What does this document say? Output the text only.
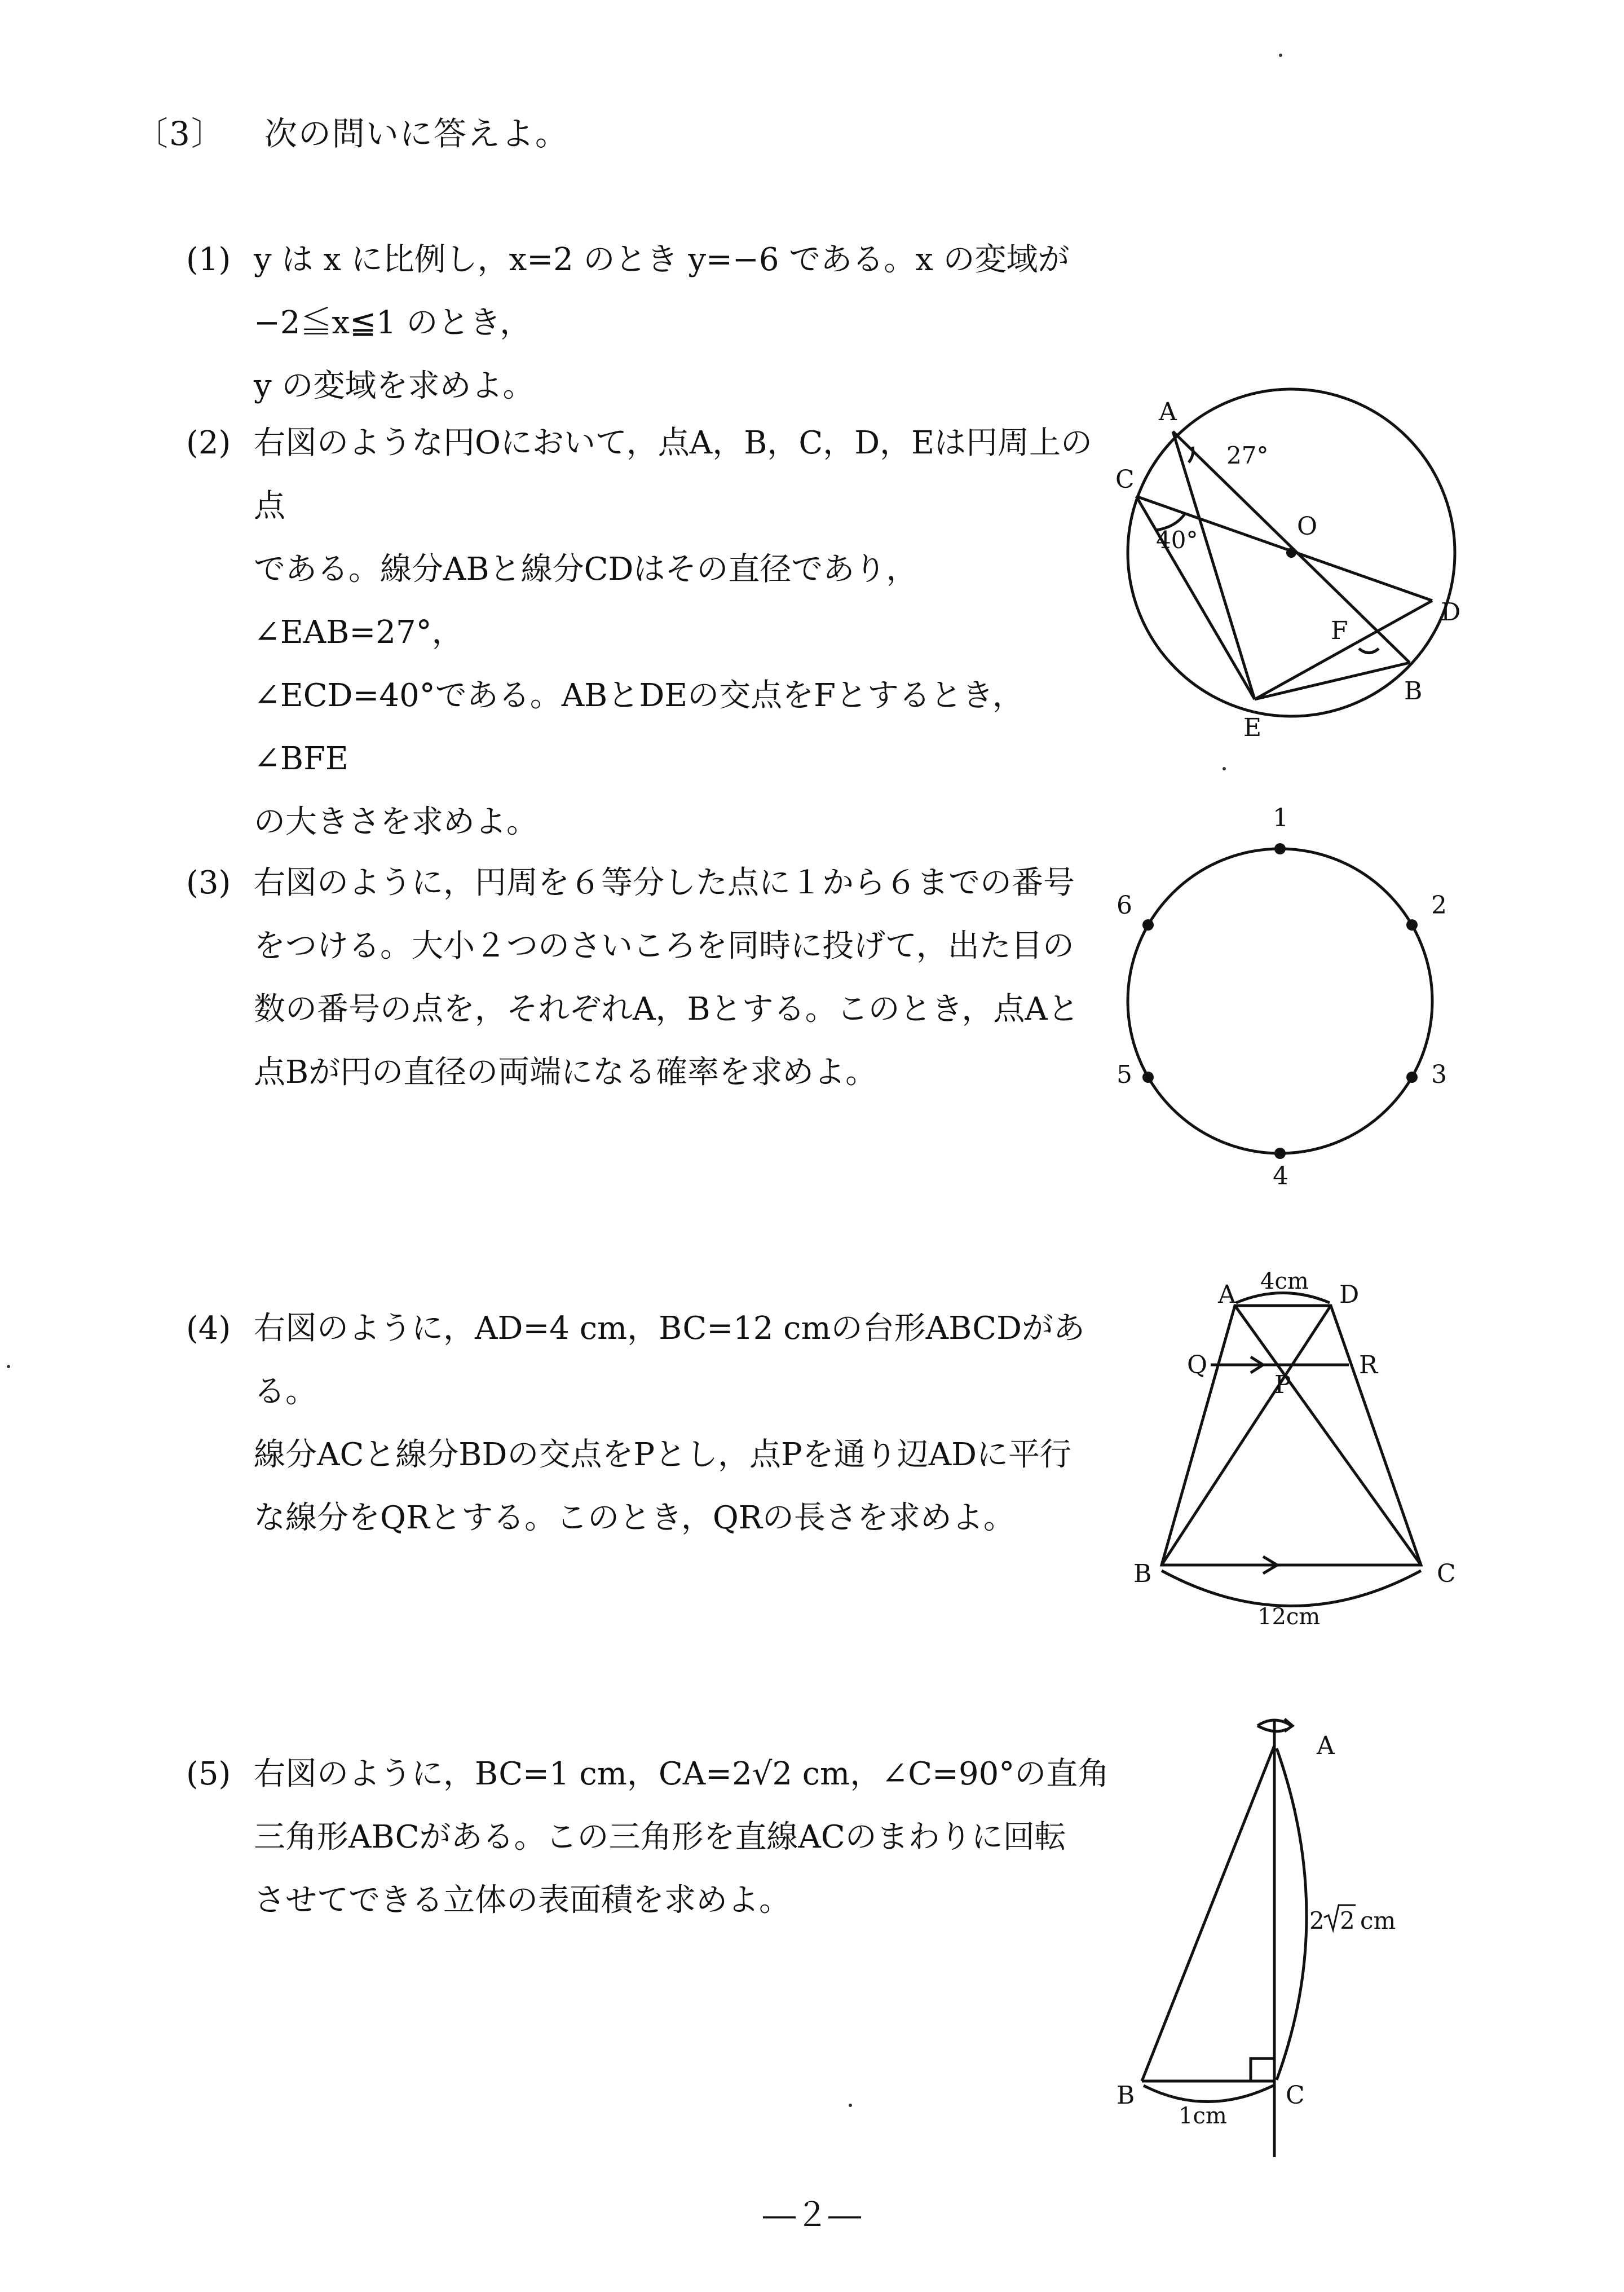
〔3〕 次の問いに答えよ。
(1) y は x に比例し，x=2 のとき y=−6 である。x の変域が −2≦x≦1 のとき，
y の変域を求めよ。
(2) 右図のような円Oにおいて，点A，B，C，D，Eは円周上の点
である。線分ABと線分CDはその直径であり，∠EAB=27°，
∠ECD=40°である。ABとDEの交点をFとするとき，∠BFE
の大きさを求めよ。
A
C
D
E
B
F
O
27°
40°
(3) 右図のように，円周を６等分した点に１から６までの番号
をつける。大小２つのさいころを同時に投げて，出た目の
数の番号の点を，それぞれA，Bとする。このとき，点Aと
点Bが円の直径の両端になる確率を求めよ。
1
2
3
4
5
6
(4) 右図のように，AD=4 cm，BC=12 cmの台形ABCDがある。
線分ACと線分BDの交点をPとし，点Pを通り辺ADに平行
な線分をQRとする。このとき，QRの長さを求めよ。
A	D
4cm
Q	R
P
B	C
12cm
(5) 右図のように，BC=1 cm，CA=2√2 cm，∠C=90°の直角
三角形ABCがある。この三角形を直線ACのまわりに回転
させてできる立体の表面積を求めよ。
A
B	C
1cm
2 2 cm
―２―
